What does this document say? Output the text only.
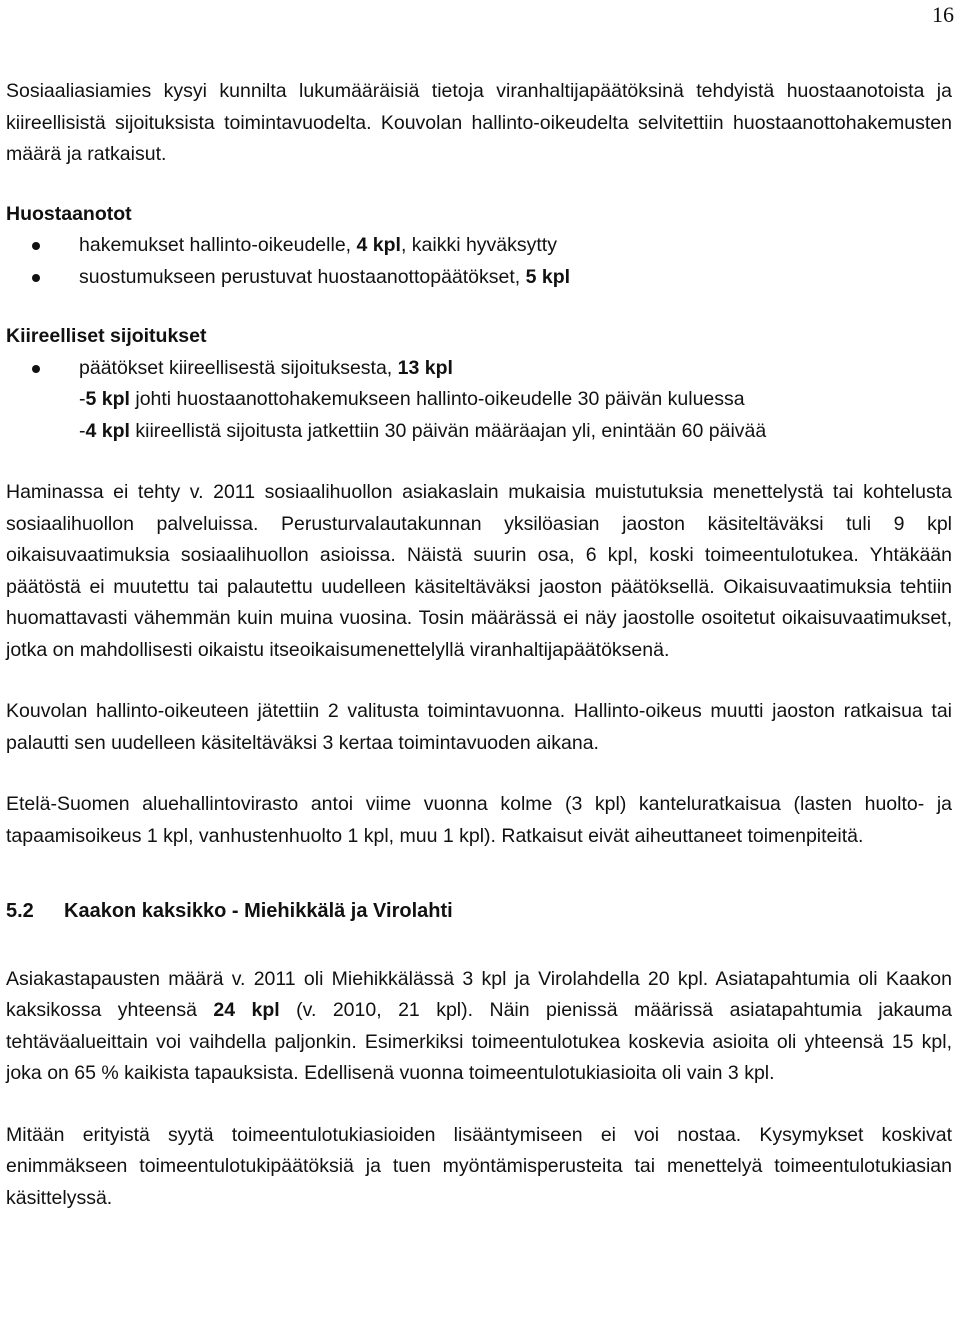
16

Sosiaaliasiamies kysyi kunnilta lukumääräisiä tietoja viranhaltijapäätöksinä tehdyistä huostaanotoista ja kiireellisistä sijoituksista toimintavuodelta. Kouvolan hallinto-oikeudelta selvitettiin huostaanottohakemusten määrä ja ratkaisut.

Huostaanotot

hakemukset hallinto-oikeudelle, 4 kpl, kaikki hyväksytty
suostumukseen perustuvat huostaanottopäätökset, 5 kpl

Kiireelliset sijoitukset

päätökset kiireellisestä sijoituksesta, 13 kpl
-5 kpl johti huostaanottohakemukseen hallinto-oikeudelle 30 päivän kuluessa
-4 kpl kiireellistä sijoitusta jatkettiin 30 päivän määräajan yli, enintään 60 päivää

Haminassa ei tehty v. 2011 sosiaalihuollon asiakaslain mukaisia muistutuksia menettelystä tai kohtelusta sosiaalihuollon palveluissa. Perusturvalautakunnan yksilöasian jaoston käsiteltäväksi tuli 9 kpl oikaisuvaatimuksia sosiaalihuollon asioissa. Näistä suurin osa, 6 kpl, koski toimeentulotukea. Yhtäkään päätöstä ei muutettu tai palautettu uudelleen käsiteltäväksi jaoston päätöksellä. Oikaisuvaatimuksia tehtiin huomattavasti vähemmän kuin muina vuosina. Tosin määrässä ei näy jaostolle osoitetut oikaisuvaatimukset, jotka on mahdollisesti oikaistu itseoikaisumenettelyllä viranhaltijapäätöksenä.

Kouvolan hallinto-oikeuteen jätettiin 2 valitusta toimintavuonna. Hallinto-oikeus muutti jaoston ratkaisua tai palautti sen uudelleen käsiteltäväksi 3 kertaa toimintavuoden aikana.

Etelä-Suomen aluehallintovirasto antoi viime vuonna kolme (3 kpl) kanteluratkaisua (lasten huolto- ja tapaamisoikeus 1 kpl, vanhustenhuolto 1 kpl, muu 1 kpl). Ratkaisut eivät aiheuttaneet toimenpiteitä.

5.2 Kaakon kaksikko - Miehikkälä ja Virolahti

Asiakastapausten määrä v. 2011 oli Miehikkälässä 3 kpl ja Virolahdella 20 kpl. Asiatapahtumia oli Kaakon kaksikossa yhteensä 24 kpl (v. 2010, 21 kpl). Näin pienissä määrissä asiatapahtumia jakauma tehtäväalueittain voi vaihdella paljonkin. Esimerkiksi toimeentulotukea koskevia asioita oli yhteensä 15 kpl, joka on 65 % kaikista tapauksista. Edellisenä vuonna toimeentulotukiasioita oli vain 3 kpl.

Mitään erityistä syytä toimeentulotukiasioiden lisääntymiseen ei voi nostaa. Kysymykset koskivat enimmäkseen toimeentulotukipäätöksiä ja tuen myöntämisperusteita tai menettelyä toimeentulotukiasian käsittelyssä.
